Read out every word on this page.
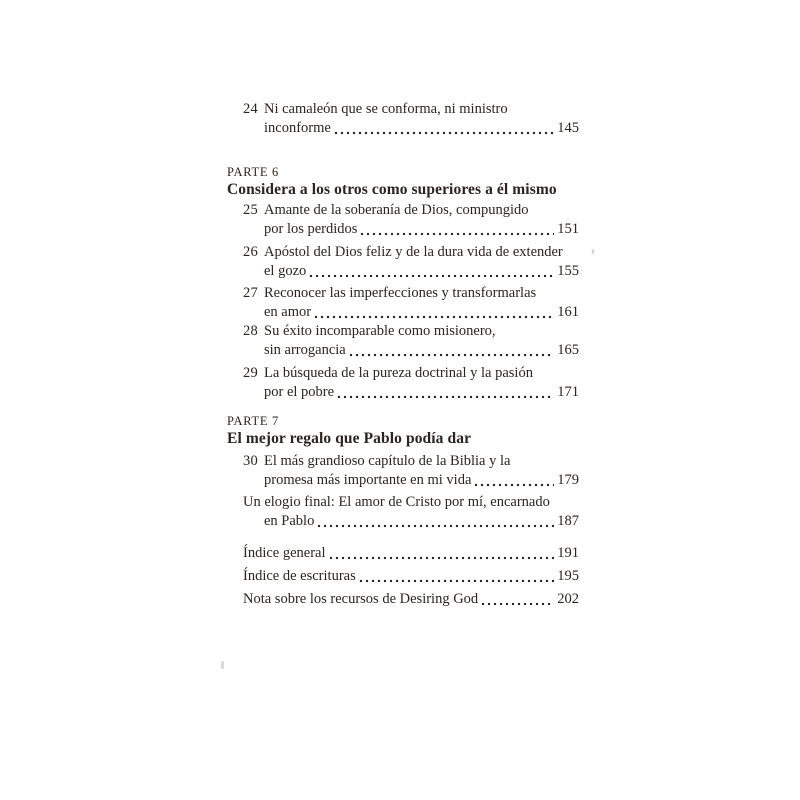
24 Ni camaleón que se conforma, ni ministro
inconforme	145
PARTE 6
Considera a los otros como superiores a él mismo
25 Amante de la soberanía de Dios, compungido
por los perdidos	151
26 Apóstol del Dios feliz y de la dura vida de extender
el gozo	155
27 Reconocer las imperfecciones y transformarlas
en amor	161
28 Su éxito incomparable como misionero,
sin arrogancia	165
29 La búsqueda de la pureza doctrinal y la pasión
por el pobre	171
PARTE 7
El mejor regalo que Pablo podía dar
30 El más grandioso capítulo de la Biblia y la
promesa más importante en mi vida	179
Un elogio final: El amor de Cristo por mí, encarnado
en Pablo	187
Índice general	191
Índice de escrituras	195
Nota sobre los recursos de Desiring God	202
